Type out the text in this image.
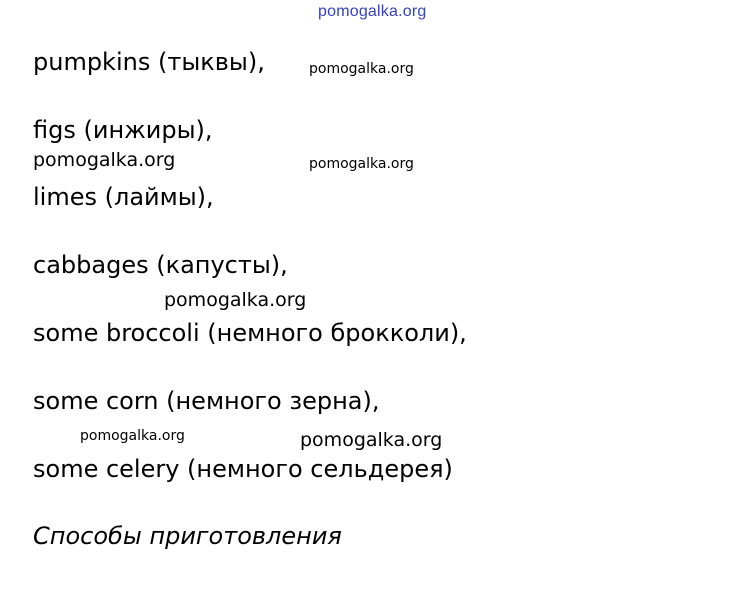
pomogalka.org
pumpkins (тыквы),	pomogalka.org
figs (инжиры),
pomogalka.org	pomogalka.org
limes (лаймы),
cabbages (капусты),
pomogalka.org
some broccoli (немного брокколи),
some corn (немного зерна),
pomogalka.org	pomogalka.org
some celery (немного сельдерея)
Способы приготовления
